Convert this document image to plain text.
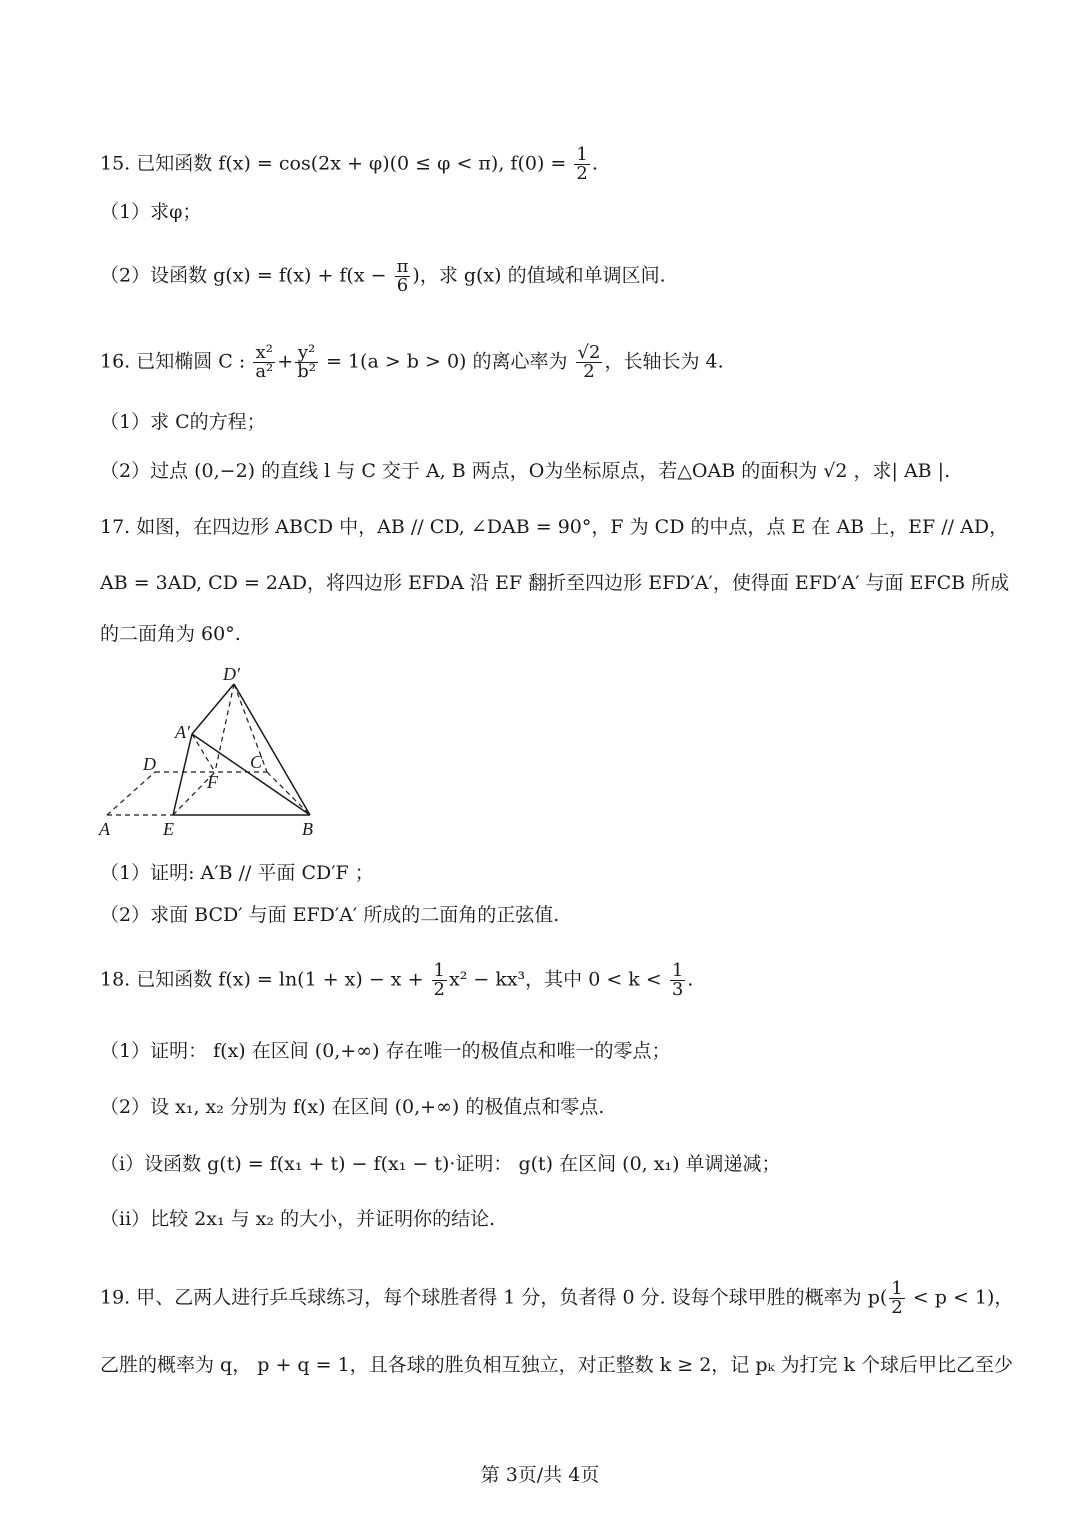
15. 已知函数 f(x) = cos(2x + φ)(0 ≤ φ < π), $f(0) = \frac{1}{2}$ .
（1）求φ；
（2）设函数 $g(x) = f(x) + f(x - \frac{\pi}{6}$ )，求 g(x) 的值域和单调区间.
16. 已知椭圆 C : $\frac{\text{x²}}{\text{a²}} + \frac{\text{y²}}{\text{b²}} = 1(a > b > 0)$ 的离心率为 $\frac{√2}{2}$ ，长轴长为 4.
（1）求 C的方程；
（2）过点 (0,−2) 的直线 l 与 C 交于 A, B 两点，O为坐标原点，若△OAB 的面积为 √2 ，求| AB |.
17. 如图，在四边形 ABCD 中，AB // CD, ∠DAB = 90°，F 为 CD 的中点，点 E 在 AB 上，EF // AD，
AB = 3AD, CD = 2AD，将四边形 EFDA 沿 EF 翻折至四边形 EFD′A′，使得面 EFD′A′ 与面 EFCB 所成
的二面角为 60°.
D′
A′
D	C
F
A	E	B
（1）证明: A′B // 平面 CD′F ；
（2）求面 BCD′ 与面 EFD′A′ 所成的二面角的正弦值.
18. 已知函数 $f(x) = \ln(1 + x) - x + \frac{1}{2} x^2 - kx^3$，其中 $0 < k < \frac{1}{3}$ .
（1）证明： f(x) 在区间 (0,+∞) 存在唯一的极值点和唯一的零点；
（2）设 x₁, x₂ 分别为 f(x) 在区间 (0,+∞) 的极值点和零点.
（i）设函数 g(t) = f(x₁ + t) − f(x₁ − t)·证明： g(t) 在区间 (0, x₁) 单调递减；
（ii）比较 2x₁ 与 x₂ 的大小，并证明你的结论.
19. 甲、乙两人进行乒乓球练习，每个球胜者得 1 分，负者得 0 分. 设每个球甲胜的概率为 $p( \frac{1}{2} < p < 1)$，
乙胜的概率为 q， p + q = 1，且各球的胜负相互独立，对正整数 k ≥ 2，记 pₖ 为打完 k 个球后甲比乙至少
第 3页/共 4页
